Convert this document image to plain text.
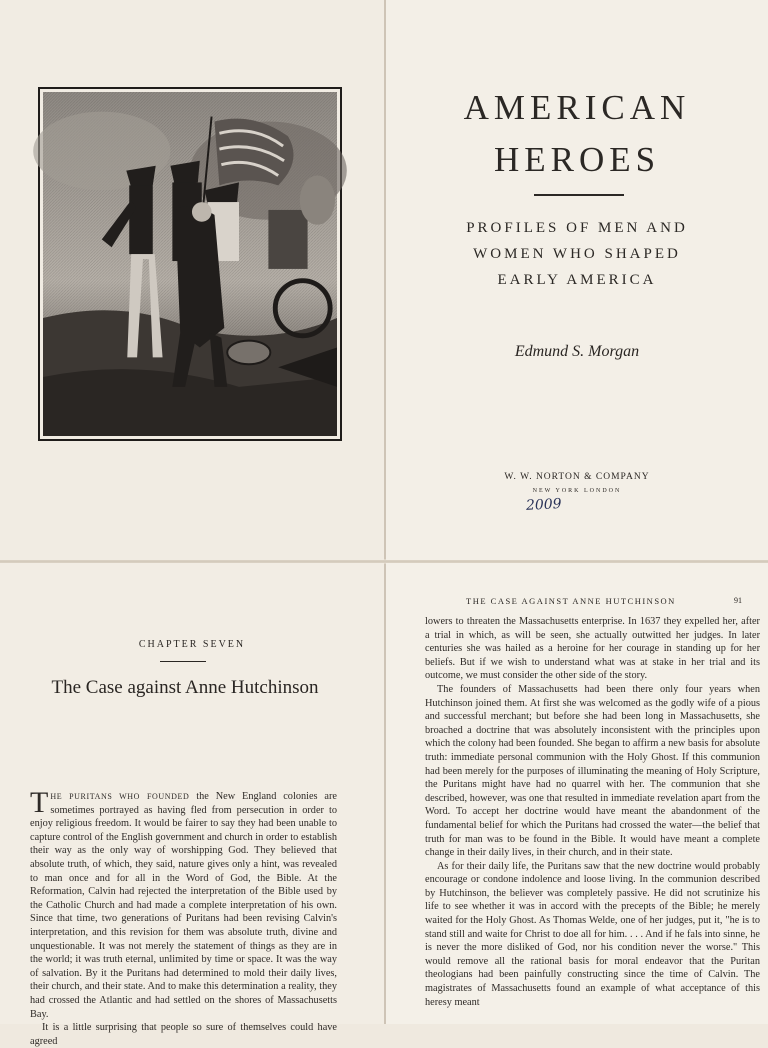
AMERICAN
HEROES
PROFILES OF MEN AND
WOMEN WHO SHAPED
EARLY AMERICA
Edmund S. Morgan
W. W. NORTON & COMPANY
NEW YORK LONDON
2009
CHAPTER SEVEN
The Case against Anne Hutchinson

THE PURITANS WHO FOUNDED the New England colonies are sometimes portrayed as having fled from persecution in order to enjoy religious freedom. It would be fairer to say they had been unable to capture control of the English government and church in order to establish their way as the only way of worshipping God. They believed that absolute truth, of which, they said, nature gives only a hint, was revealed to man once and for all in the Word of God, the Bible. At the Reformation, Calvin had rejected the interpretation of the Bible used by the Catholic Church and had made a complete interpretation of his own. Since that time, two generations of Puritans had been revising Calvin's interpretation, and this revision for them was absolute truth, divine and unquestionable. It was not merely the statement of things as they are in the world; it was truth eternal, unlimited by time or space. It was the way of salvation. By it the Puritans had determined to mold their daily lives, their church, and their state. And to make this determination a reality, they had crossed the Atlantic and had settled on the shores of Massachusetts Bay.

It is a little surprising that people so sure of themselves could have agreed

THE CASE AGAINST ANNE HUTCHINSON	91

lowers to threaten the Massachusetts enterprise. In 1637 they expelled her, after a trial in which, as will be seen, she actually outwitted her judges. In later centuries she was hailed as a heroine for her courage in standing up for her beliefs. But if we wish to understand what was at stake in her trial and its outcome, we must consider the other side of the story.

The founders of Massachusetts had been there only four years when Hutchinson joined them. At first she was welcomed as the godly wife of a pious and successful merchant; but before she had been long in Massachusetts, she broached a doctrine that was absolutely inconsistent with the principles upon which the colony had been founded. She began to affirm a new basis for absolute truth: immediate personal communion with the Holy Ghost. If this communion had been merely for the purposes of illuminating the meaning of Holy Scripture, the Puritans might have had no quarrel with her. The communion that she described, however, was one that resulted in immediate revelation apart from the Word. To accept her doctrine would have meant the abandonment of the fundamental belief for which the Puritans had crossed the water—the belief that truth for man was to be found in the Bible. It would have meant a complete change in their daily lives, in their church, and in their state.

As for their daily life, the Puritans saw that the new doctrine would probably encourage or condone indolence and loose living. In the communion described by Hutchinson, the believer was completely passive. He did not scrutinize his life to see whether it was in accord with the precepts of the Bible; he merely waited for the Holy Ghost. As Thomas Welde, one of her judges, put it, "he is to stand still and waite for Christ to doe all for him. . . . And if he fals into sinne, he is never the more disliked of God, nor his condition never the worse." This would remove all the rational basis for moral endeavor that the Puritan theologians had been painfully constructing since the time of Calvin. The magistrates of Massachusetts found an example of what acceptance of this heresy meant
